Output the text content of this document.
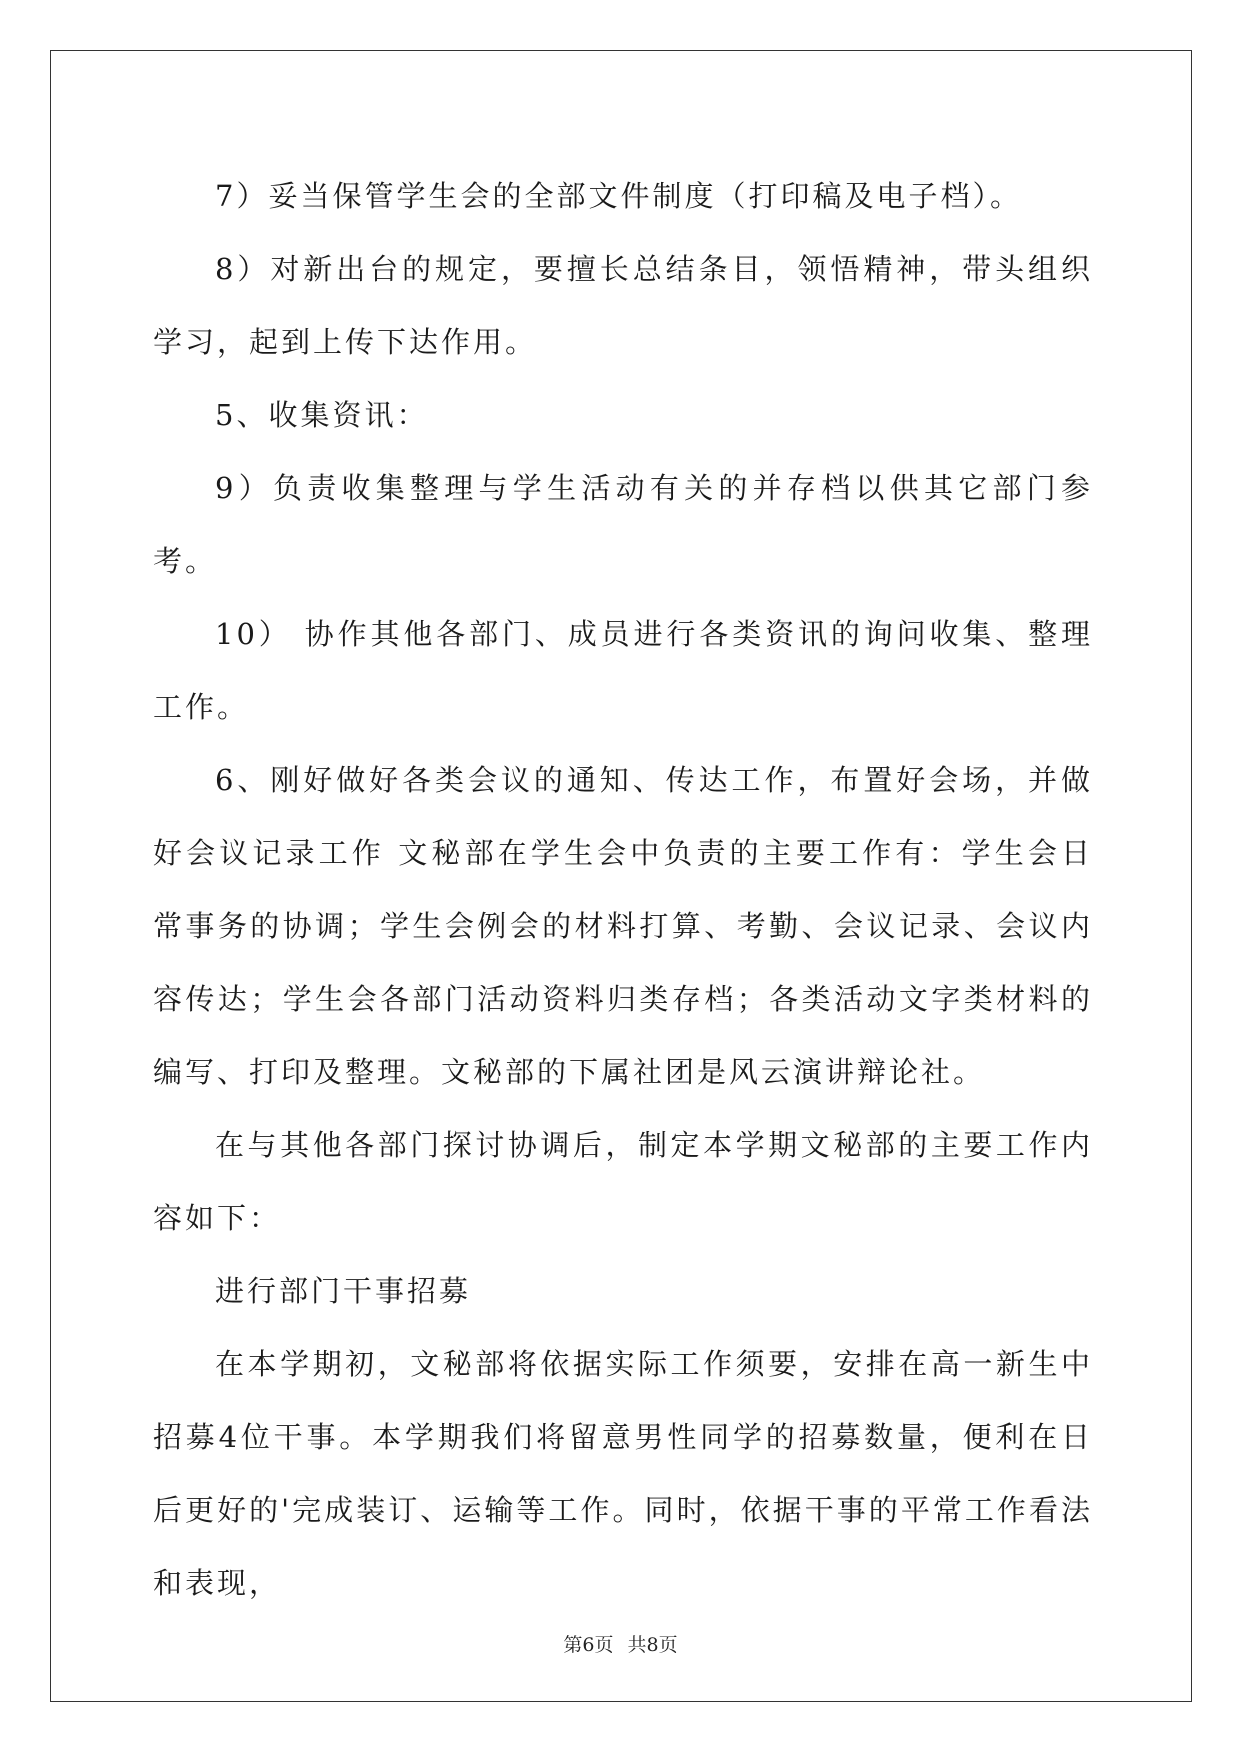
7）妥当保管学生会的全部文件制度（打印稿及电子档）。

8）对新出台的规定，要擅长总结条目，领悟精神，带头组织学习，起到上传下达作用。

5、收集资讯：

9）负责收集整理与学生活动有关的并存档以供其它部门参考。

10） 协作其他各部门、成员进行各类资讯的询问收集、整理工作。

6、刚好做好各类会议的通知、传达工作，布置好会场，并做好会议记录工作 文秘部在学生会中负责的主要工作有：学生会日常事务的协调；学生会例会的材料打算、考勤、会议记录、会议内容传达；学生会各部门活动资料归类存档；各类活动文字类材料的编写、打印及整理。文秘部的下属社团是风云演讲辩论社。

在与其他各部门探讨协调后，制定本学期文秘部的主要工作内容如下：

进行部门干事招募

在本学期初，文秘部将依据实际工作须要，安排在高一新生中招募4位干事。本学期我们将留意男性同学的招募数量，便利在日后更好的'完成装订、运输等工作。同时，依据干事的平常工作看法和表现，

第6页 共8页
